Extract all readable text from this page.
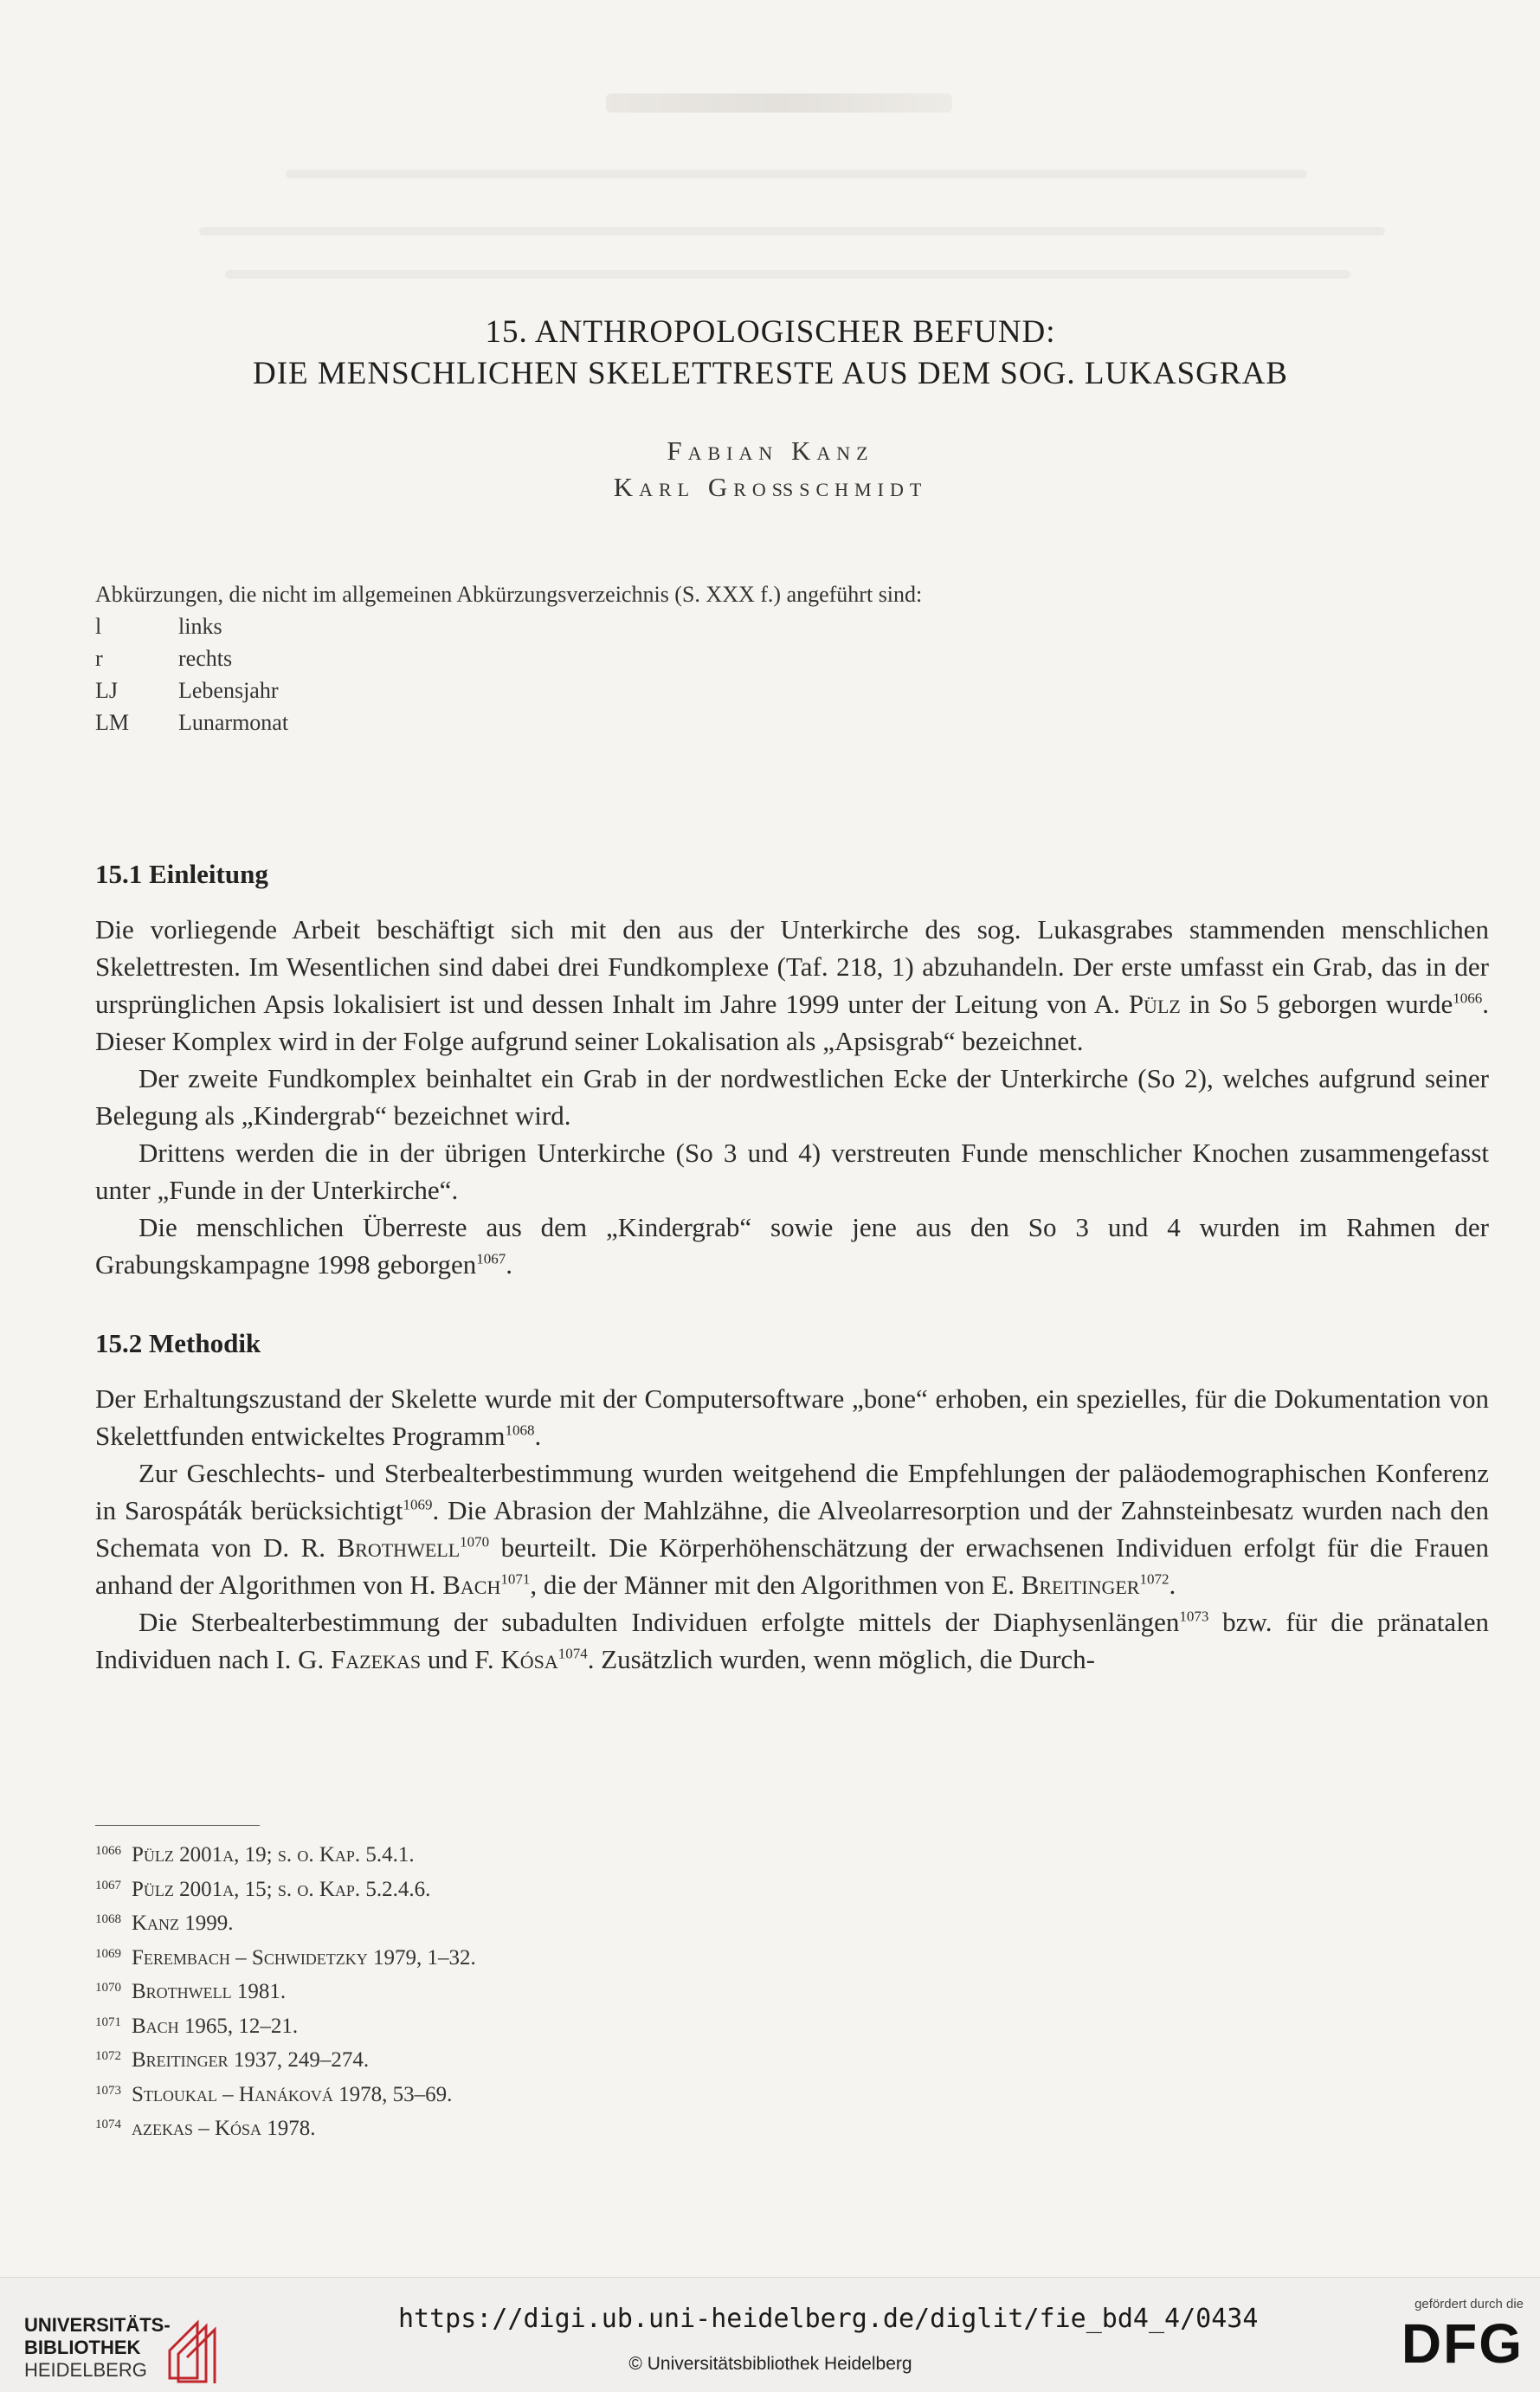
15. ANTHROPOLOGISCHER BEFUND:
DIE MENSCHLICHEN SKELETTRESTE AUS DEM SOG. LUKASGRAB
Fabian Kanz
Karl Großschmidt
Abkürzungen, die nicht im allgemeinen Abkürzungsverzeichnis (S. XXX f.) angeführt sind:
l	links
r	rechts
LJ	Lebensjahr
LM	Lunarmonat
15.1 Einleitung

Die vorliegende Arbeit beschäftigt sich mit den aus der Unterkirche des sog. Lukasgrabes stammenden menschlichen Skelettresten. Im Wesentlichen sind dabei drei Fundkomplexe (Taf. 218, 1) abzuhandeln. Der erste umfasst ein Grab, das in der ursprünglichen Apsis lokalisiert ist und dessen Inhalt im Jahre 1999 unter der Leitung von A. Pülz in So 5 geborgen wurde$^{1066}$. Dieser Komplex wird in der Folge aufgrund seiner Lokalisation als „Apsisgrab“ bezeichnet.

Der zweite Fundkomplex beinhaltet ein Grab in der nordwestlichen Ecke der Unterkirche (So 2), welches aufgrund seiner Belegung als „Kindergrab“ bezeichnet wird.

Drittens werden die in der übrigen Unterkirche (So 3 und 4) verstreuten Funde menschlicher Knochen zusammengefasst unter „Funde in der Unterkirche“.

Die menschlichen Überreste aus dem „Kindergrab“ sowie jene aus den So 3 und 4 wurden im Rahmen der Grabungskampagne 1998 geborgen$^{1067}$.

15.2 Methodik

Der Erhaltungszustand der Skelette wurde mit der Computersoftware „bone“ erhoben, ein spezielles, für die Dokumentation von Skelettfunden entwickeltes Programm$^{1068}$.

Zur Geschlechts- und Sterbealterbestimmung wurden weitgehend die Empfehlungen der paläodemographischen Konferenz in Sarospáták berücksichtigt$^{1069}$. Die Abrasion der Mahlzähne, die Alveolarresorption und der Zahnsteinbesatz wurden nach den Schemata von D. R. Brothwell$^{1070}$ beurteilt. Die Körperhöhenschätzung der erwachsenen Individuen erfolgt für die Frauen anhand der Algorithmen von H. Bach$^{1071}$, die der Männer mit den Algorithmen von E. Breitinger$^{1072}$.

Die Sterbealterbestimmung der subadulten Individuen erfolgte mittels der Diaphysenlängen$^{1073}$ bzw. für die pränatalen Individuen nach I. G. Fazekas und F. Kósa$^{1074}$. Zusätzlich wurden, wenn möglich, die Durch-

$^{1066}$ Pülz 2001a, 19; s. o. Kap. 5.4.1.
$^{1067}$ Pülz 2001a, 15; s. o. Kap. 5.2.4.6.
$^{1068}$ Kanz 1999.
$^{1069}$ Ferembach – Schwidetzky 1979, 1–32.
$^{1070}$ Brothwell 1981.
$^{1071}$ Bach 1965, 12–21.
$^{1072}$ Breitinger 1937, 249–274.
$^{1073}$ Stloukal – Hanáková 1978, 53–69.
$^{1074}$ azekas – Kósa 1978.
UNIVERSITÄTS-
BIBLIOTHEK
HEIDELBERG
https://digi.ub.uni-heidelberg.de/diglit/fie_bd4_4/0434
© Universitätsbibliothek Heidelberg
gefördert durch die
DFG
